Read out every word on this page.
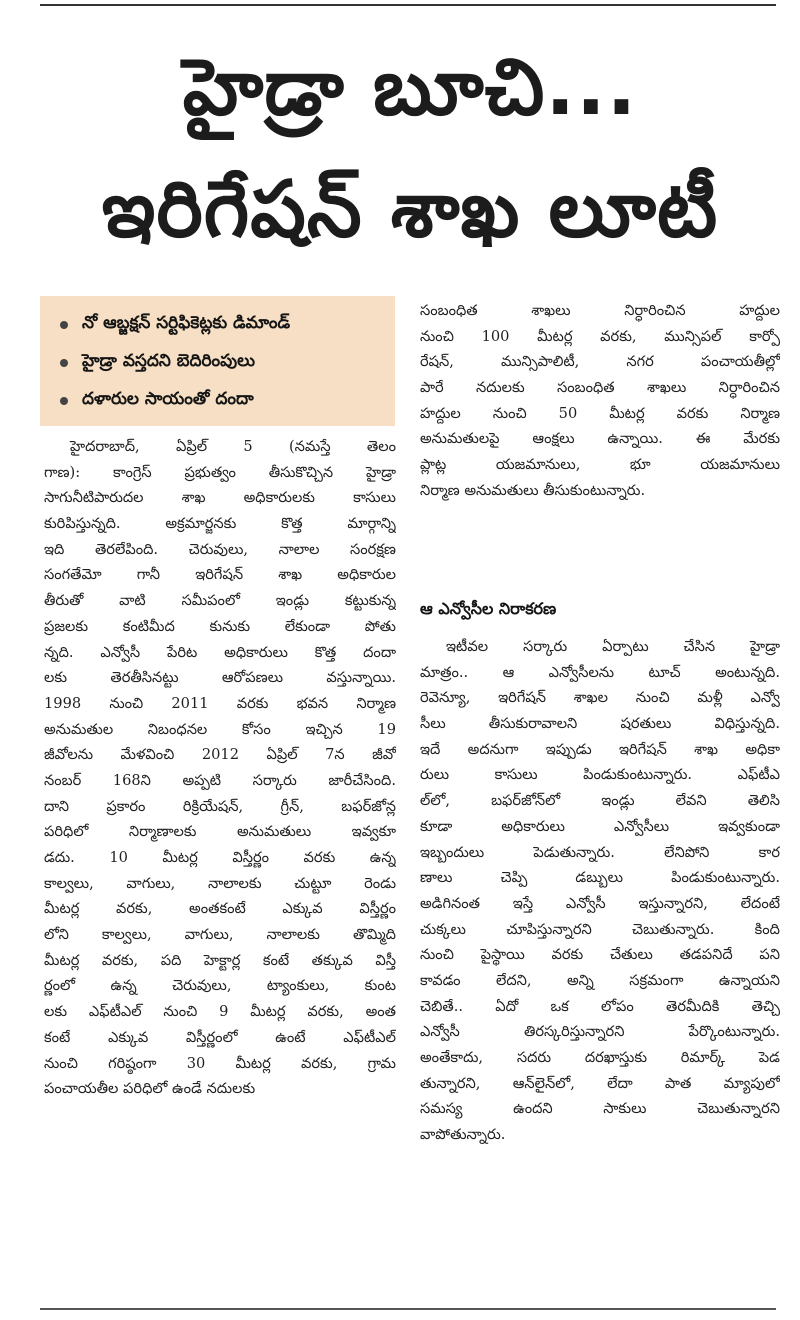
హైడ్రా బూచి...
ఇరిగేషన్ శాఖ లూటీ
నో ఆబ్జక్షన్ సర్టిఫికెట్లకు డిమాండ్
హైడ్రా వస్తదని బెదిరింపులు
దళారుల సాయంతో దందా
హైదరాబాద్, ఏప్రిల్ 5 (నమస్తే తెలం
గాణ): కాంగ్రెస్ ప్రభుత్వం తీసుకొచ్చిన హైడ్రా
సాగునీటిపారుదల శాఖ అధికారులకు కాసులు
కురిపిస్తున్నది. అక్రమార్జనకు కొత్త మార్గాన్ని
ఇది తెరలేపింది. చెరువులు, నాలాల సంరక్షణ
సంగతేమో గానీ ఇరిగేషన్ శాఖ అధికారుల
తీరుతో వాటి సమీపంలో ఇండ్లు కట్టుకున్న
ప్రజలకు కంటిమీద కునుకు లేకుండా పోతు
న్నది. ఎన్వోసీ పేరిట అధికారులు కొత్త దందా
లకు తెరతీసినట్టు ఆరోపణలు వస్తున్నాయి.
1998 నుంచి 2011 వరకు భవన నిర్మాణ
అనుమతుల నిబంధనల కోసం ఇచ్చిన 19
జీవోలను మేళవించి 2012 ఏప్రిల్ 7న జీవో
నంబర్ 168ని అప్పటి సర్కారు జారీచేసింది.
దాని ప్రకారం రిక్రియేషన్, గ్రీన్, బఫర్‌జోన్ల
పరిధిలో నిర్మాణాలకు అనుమతులు ఇవ్వకూ
డదు. 10 మీటర్ల విస్తీర్ణం వరకు ఉన్న
కాల్వలు, వాగులు, నాలాలకు చుట్టూ రెండు
మీటర్ల వరకు, అంతకంటే ఎక్కువ విస్తీర్ణం
లోని కాల్వలు, వాగులు, నాలాలకు తొమ్మిది
మీటర్ల వరకు, పది హెక్టార్ల కంటే తక్కువ విస్తీ
ర్ణంలో ఉన్న చెరువులు, ట్యాంకులు, కుంట
లకు ఎఫ్‌టీఎల్ నుంచి 9 మీటర్ల వరకు, అంత
కంటే ఎక్కువ విస్తీర్ణంలో ఉంటే ఎఫ్‌టీఎల్
నుంచి గరిష్ఠంగా 30 మీటర్ల వరకు, గ్రామ
పంచాయతీల పరిధిలో ఉండే నదులకు
సంబంధిత శాఖలు నిర్ధారించిన హద్దుల
నుంచి 100 మీటర్ల వరకు, మున్సిపల్ కార్పో
రేషన్, మున్సిపాలిటీ, నగర పంచాయతీల్లో
పారే నదులకు సంబంధిత శాఖలు నిర్ధారించిన
హద్దుల నుంచి 50 మీటర్ల వరకు నిర్మాణ
అనుమతులపై ఆంక్షలు ఉన్నాయి. ఈ మేరకు
ప్లాట్ల యజమానులు, భూ యజమానులు
నిర్మాణ అనుమతులు తీసుకుంటున్నారు.
ఆ ఎన్వోసీల నిరాకరణ
ఇటీవల సర్కారు ఏర్పాటు చేసిన హైడ్రా
మాత్రం.. ఆ ఎన్వోసీలను టూచ్ అంటున్నది.
రెవెన్యూ, ఇరిగేషన్ శాఖల నుంచి మళ్లీ ఎన్వో
సీలు తీసుకురావాలని షరతులు విధిస్తున్నది.
ఇదే అదనుగా ఇప్పుడు ఇరిగేషన్ శాఖ అధికా
రులు కాసులు పిండుకుంటున్నారు. ఎఫ్‌టీఎ
ల్‌లో, బఫర్‌జోన్‌లో ఇండ్లు లేవని తెలిసి
కూడా అధికారులు ఎన్వోసీలు ఇవ్వకుండా
ఇబ్బందులు పెడుతున్నారు. లేనిపోని కార
ణాలు చెప్పి డబ్బులు పిండుకుంటున్నారు.
అడిగినంత ఇస్తే ఎన్వోసీ ఇస్తున్నారని, లేదంటే
చుక్కలు చూపిస్తున్నారని చెబుతున్నారు. కింది
నుంచి పైస్థాయి వరకు చేతులు తడపనిదే పని
కావడం లేదని, అన్ని సక్రమంగా ఉన్నాయని
చెబితే.. ఏదో ఒక లోపం తెరమీదికి తెచ్చి
ఎన్వోసీ తిరస్కరిస్తున్నారని పేర్కొంటున్నారు.
అంతేకాదు, సదరు దరఖాస్తుకు రిమార్క్ పెడ
తున్నారని, ఆన్‌లైన్‌లో, లేదా పాత మ్యాపులో
సమస్య ఉందని సాకులు చెబుతున్నారని
వాపోతున్నారు.
